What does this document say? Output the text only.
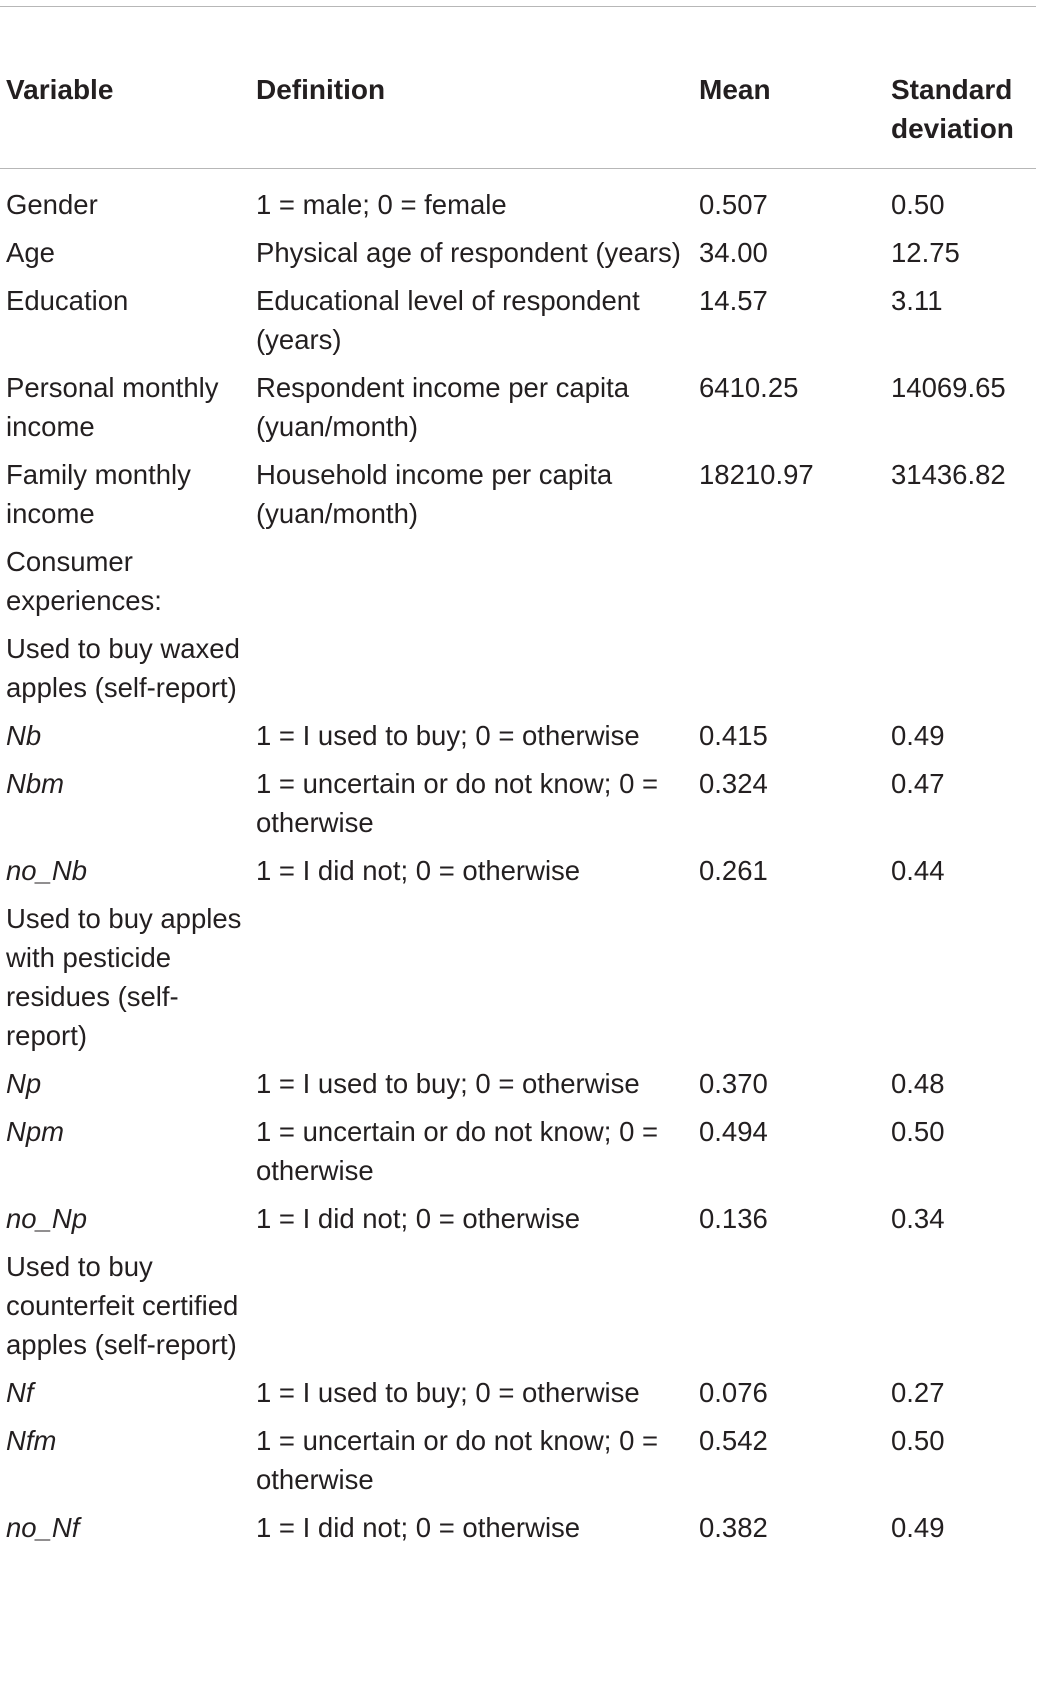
Variable	Definition	Mean	Standard deviation
Gender	1 = male; 0 = female	0.507	0.50
Age	Physical age of respondent (years)	34.00	12.75
Education	Educational level of respondent (years)	14.57	3.11
Personal monthly income	Respondent income per capita (yuan/month)	6410.25	14069.65
Family monthly income	Household income per capita (yuan/month)	18210.97	31436.82
Consumer experiences:			
Used to buy waxed apples (self-report)			
Nb	1 = I used to buy; 0 = otherwise	0.415	0.49
Nbm	1 = uncertain or do not know; 0 = otherwise	0.324	0.47
no_Nb	1 = I did not; 0 = otherwise	0.261	0.44
Used to buy apples with pesticide residues (self-report)			
Np	1 = I used to buy; 0 = otherwise	0.370	0.48
Npm	1 = uncertain or do not know; 0 = otherwise	0.494	0.50
no_Np	1 = I did not; 0 = otherwise	0.136	0.34
Used to buy counterfeit certified apples (self-report)			
Nf	1 = I used to buy; 0 = otherwise	0.076	0.27
Nfm	1 = uncertain or do not know; 0 = otherwise	0.542	0.50
no_Nf	1 = I did not; 0 = otherwise	0.382	0.49
